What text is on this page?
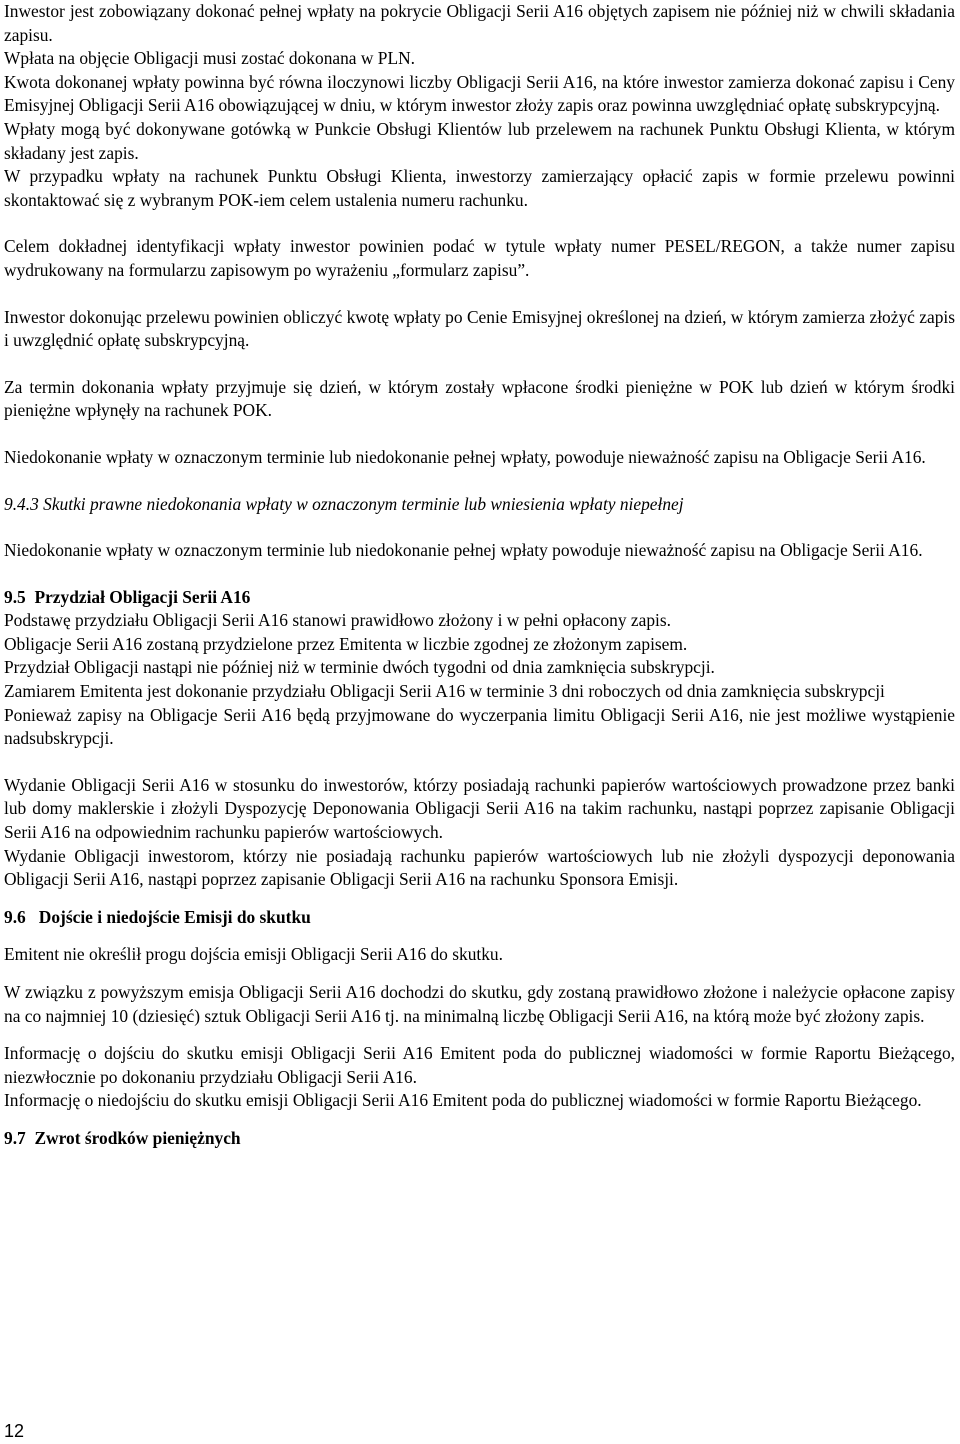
Inwestor jest zobowiązany dokonać pełnej wpłaty na pokrycie Obligacji Serii A16 objętych zapisem nie później niż w chwili składania zapisu.

Wpłata na objęcie Obligacji musi zostać dokonana w PLN.

Kwota dokonanej wpłaty powinna być równa iloczynowi liczby Obligacji Serii A16, na które inwestor zamierza dokonać zapisu i Ceny Emisyjnej Obligacji Serii A16 obowiązującej w dniu, w którym inwestor złoży zapis oraz powinna uwzględniać opłatę subskrypcyjną.

Wpłaty mogą być dokonywane gotówką w Punkcie Obsługi Klientów lub przelewem na rachunek Punktu Obsługi Klienta, w którym składany jest zapis.

W przypadku wpłaty na rachunek Punktu Obsługi Klienta, inwestorzy zamierzający opłacić zapis w formie przelewu powinni skontaktować się z wybranym POK-iem celem ustalenia numeru rachunku.

Celem dokładnej identyfikacji wpłaty inwestor powinien podać w tytule wpłaty numer PESEL/REGON, a także numer zapisu wydrukowany na formularzu zapisowym po wyrażeniu „formularz zapisu”.

Inwestor dokonując przelewu powinien obliczyć kwotę wpłaty po Cenie Emisyjnej określonej na dzień, w którym zamierza złożyć zapis i uwzględnić opłatę subskrypcyjną.

Za termin dokonania wpłaty przyjmuje się dzień, w którym zostały wpłacone środki pieniężne w POK lub dzień w którym środki pieniężne wpłynęły na rachunek POK.

Niedokonanie wpłaty w oznaczonym terminie lub niedokonanie pełnej wpłaty, powoduje nieważność zapisu na Obligacje Serii A16.

9.4.3 Skutki prawne niedokonania wpłaty w oznaczonym terminie lub wniesienia wpłaty niepełnej

Niedokonanie wpłaty w oznaczonym terminie lub niedokonanie pełnej wpłaty powoduje nieważność zapisu na Obligacje Serii A16.

9.5 Przydział Obligacji Serii A16

Podstawę przydziału Obligacji Serii A16 stanowi prawidłowo złożony i w pełni opłacony zapis.

Obligacje Serii A16 zostaną przydzielone przez Emitenta w liczbie zgodnej ze złożonym zapisem.

Przydział Obligacji nastąpi nie później niż w terminie dwóch tygodni od dnia zamknięcia subskrypcji.

Zamiarem Emitenta jest dokonanie przydziału Obligacji Serii A16 w terminie 3 dni roboczych od dnia zamknięcia subskrypcji

Ponieważ zapisy na Obligacje Serii A16 będą przyjmowane do wyczerpania limitu Obligacji Serii A16, nie jest możliwe wystąpienie nadsubskrypcji.

Wydanie Obligacji Serii A16 w stosunku do inwestorów, którzy posiadają rachunki papierów wartościowych prowadzone przez banki lub domy maklerskie i złożyli Dyspozycję Deponowania Obligacji Serii A16 na takim rachunku, nastąpi poprzez zapisanie Obligacji Serii A16 na odpowiednim rachunku papierów wartościowych.

Wydanie Obligacji inwestorom, którzy nie posiadają rachunku papierów wartościowych lub nie złożyli dyspozycji deponowania Obligacji Serii A16, nastąpi poprzez zapisanie Obligacji Serii A16 na rachunku Sponsora Emisji.

9.6 Dojście i niedojście Emisji do skutku

Emitent nie określił progu dojścia emisji Obligacji Serii A16 do skutku.

W związku z powyższym emisja Obligacji Serii A16 dochodzi do skutku, gdy zostaną prawidłowo złożone i należycie opłacone zapisy na co najmniej 10 (dziesięć) sztuk Obligacji Serii A16 tj. na minimalną liczbę Obligacji Serii A16, na którą może być złożony zapis.

Informację o dojściu do skutku emisji Obligacji Serii A16 Emitent poda do publicznej wiadomości w formie Raportu Bieżącego, niezwłocznie po dokonaniu przydziału Obligacji Serii A16.

Informację o niedojściu do skutku emisji Obligacji Serii A16 Emitent poda do publicznej wiadomości w formie Raportu Bieżącego.

9.7 Zwrot środków pieniężnych

12
